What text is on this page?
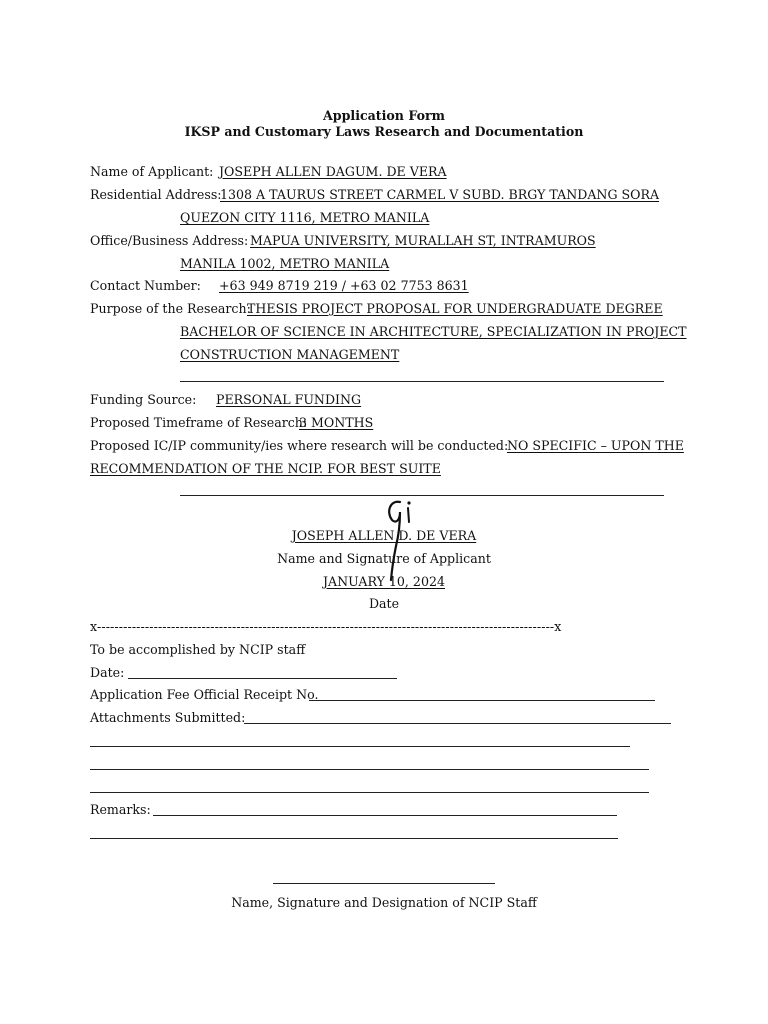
Application Form
IKSP and Customary Laws Research and Documentation
Name of Applicant: JOSEPH ALLEN DAGUM. DE VERA
Residential Address:
1308 A TAURUS STREET CARMEL V SUBD. BRGY TANDANG SORA
QUEZON CITY 1116, METRO MANILA
Office/Business Address: MAPUA UNIVERSITY, MURALLAH ST, INTRAMUROS
MANILA 1002, METRO MANILA
Contact Number: +63 949 8719 219 / +63 02 7753 8631
Purpose of the Research:
THESIS PROJECT PROPOSAL FOR UNDERGRADUATE DEGREE
BACHELOR OF SCIENCE IN ARCHITECTURE, SPECIALIZATION IN PROJECT
CONSTRUCTION MANAGEMENT
Funding Source: PERSONAL FUNDING
Proposed Timeframe of Research:
3 MONTHS
Proposed IC/IP community/ies where research will be conducted:
NO SPECIFIC – UPON THE
RECOMMENDATION OF THE NCIP. FOR BEST SUITE
JOSEPH ALLEN D. DE VERA
Name and Signature of Applicant
JANUARY 10, 2024
Date
x---------------------------------------------------------------------------------------------------------x
To be accomplished by NCIP staff
Date:
Application Fee Official Receipt No.
Attachments Submitted:
Remarks:
Name, Signature and Designation of NCIP Staff
